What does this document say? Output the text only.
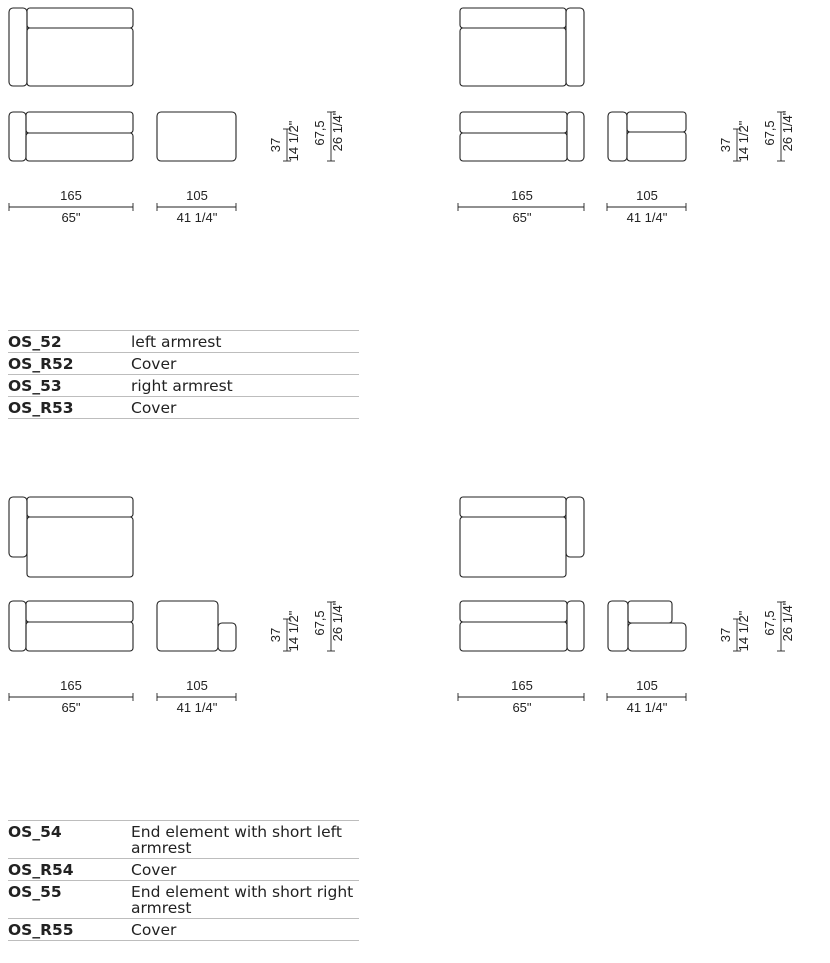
165
65"
105
41 1/4"
37 14 1/2" 67,5 26 1/4"
165
65"
105
41 1/4"
37 14 1/2" 67,5 26 1/4"
165
65"
105
41 1/4"
37 14 1/2" 67,5 26 1/4"
165
65"
105
41 1/4"
37 14 1/2" 67,5 26 1/4"
OS_52	left armrest
OS_R52	Cover
OS_53	right armrest
OS_R53	Cover
OS_54	End element with short left armrest
OS_R54	Cover
OS_55	End element with short right armrest
OS_R55	Cover
